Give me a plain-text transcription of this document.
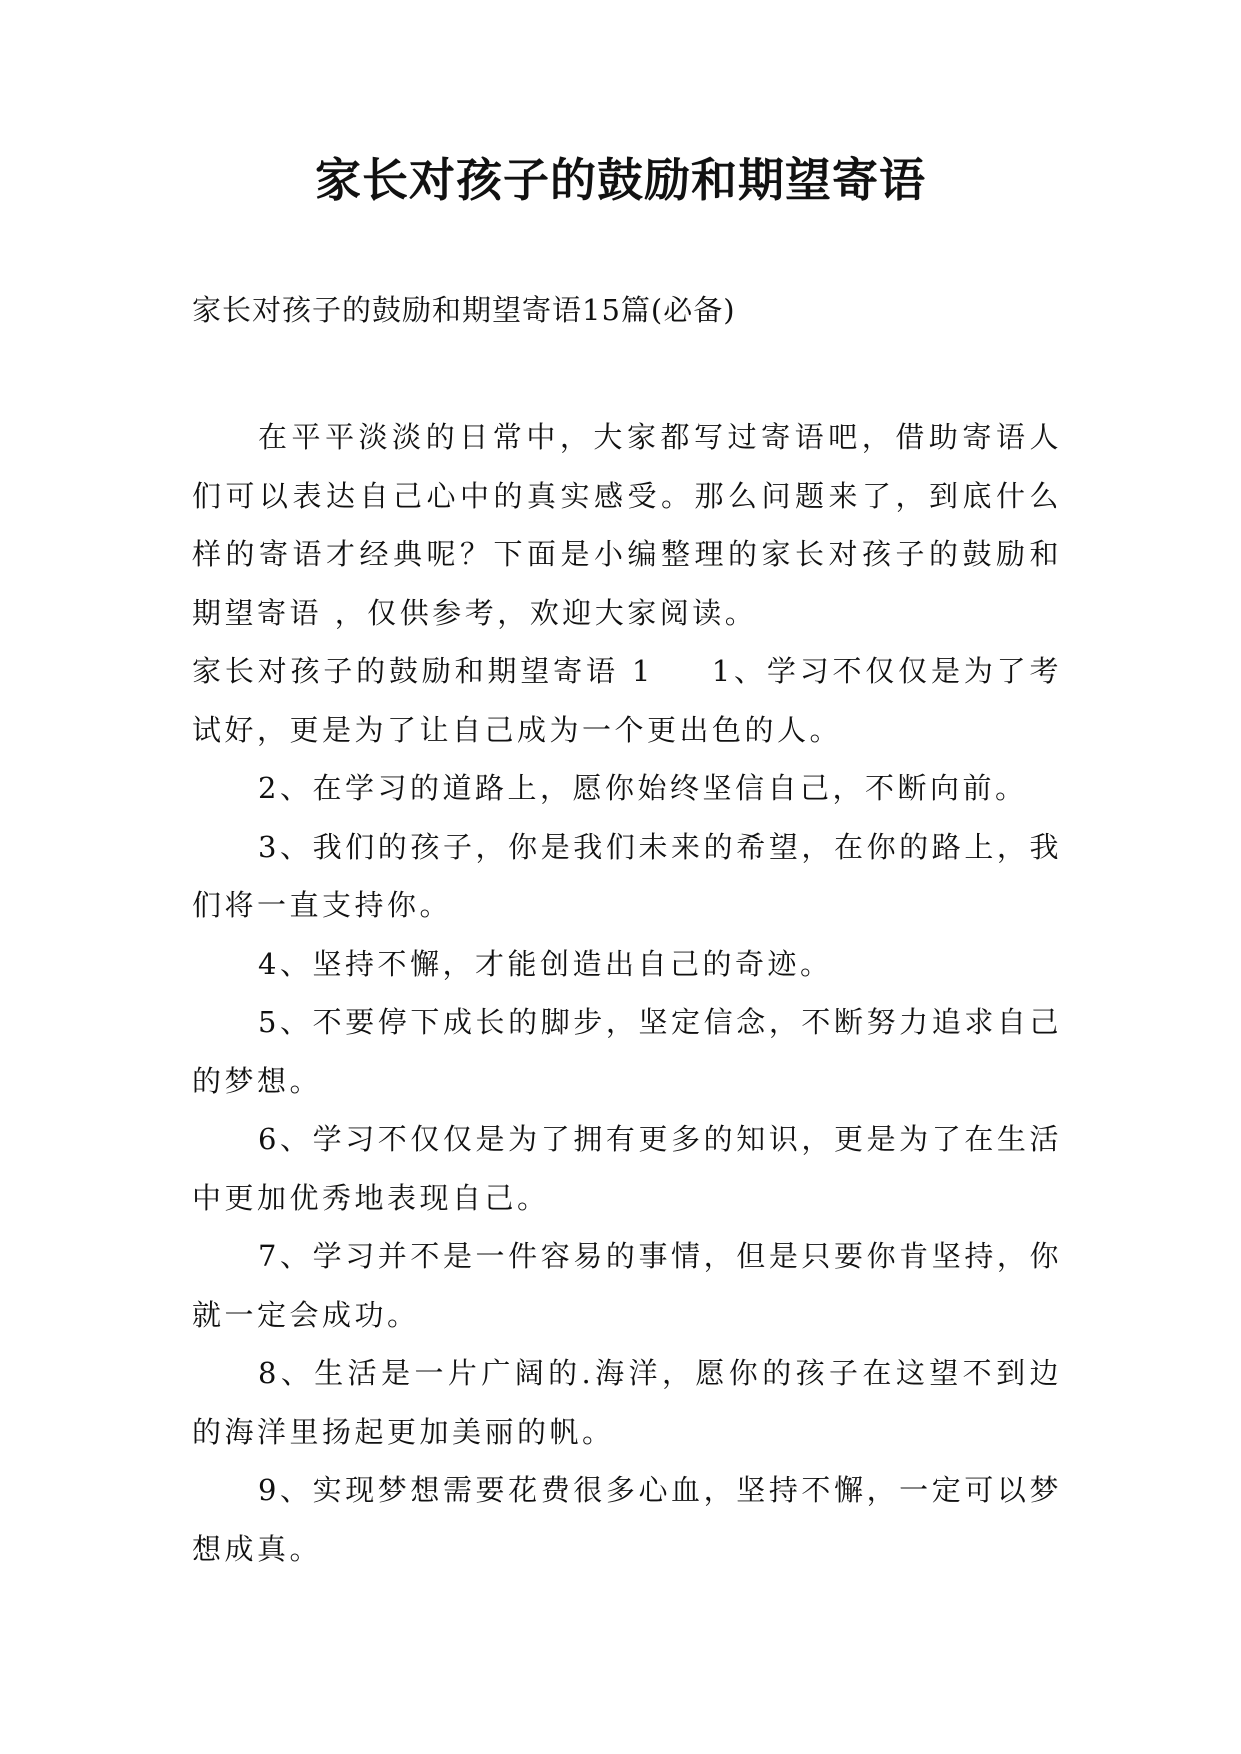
家长对孩子的鼓励和期望寄语
家长对孩子的鼓励和期望寄语15篇(必备)

在平平淡淡的日常中，大家都写过寄语吧，借助寄语人们可以表达自己心中的真实感受。那么问题来了，到底什么样的寄语才经典呢？下面是小编整理的家长对孩子的鼓励和期望寄语 ，仅供参考，欢迎大家阅读。

家长对孩子的鼓励和期望寄语 1 1、学习不仅仅是为了考试好，更是为了让自己成为一个更出色的人。

2、在学习的道路上，愿你始终坚信自己，不断向前。

3、我们的孩子，你是我们未来的希望，在你的路上，我们将一直支持你。

4、坚持不懈，才能创造出自己的奇迹。

5、不要停下成长的脚步，坚定信念，不断努力追求自己的梦想。

6、学习不仅仅是为了拥有更多的知识，更是为了在生活中更加优秀地表现自己。

7、学习并不是一件容易的事情，但是只要你肯坚持，你就一定会成功。

8、生活是一片广阔的.海洋，愿你的孩子在这望不到边的海洋里扬起更加美丽的帆。

9、实现梦想需要花费很多心血，坚持不懈，一定可以梦想成真。
